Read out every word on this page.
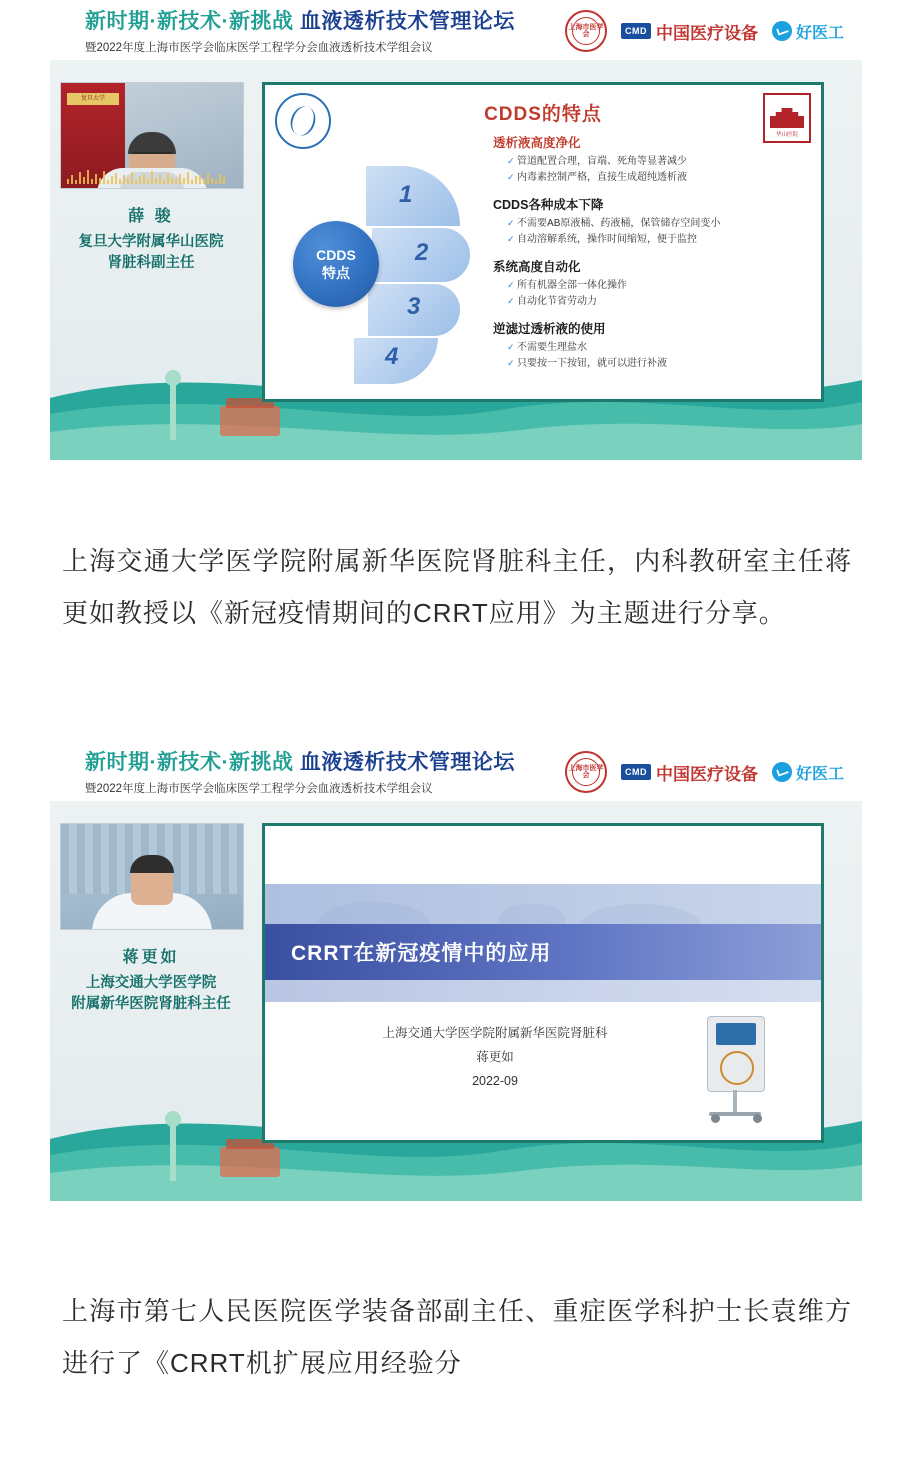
新时期·新技术·新挑战 血液透析技术管理论坛
暨2022年度上海市医学会临床医学工程学分会血液透析技术学组会议
上海市医学会	CMD 中国医疗设备 好医工
复旦大学
薛 骏
复旦大学附属华山医院
肾脏科副主任
华山医院
CDDS的特点
1
2
3
4
CDDS
特点
透析液高度净化
✓ 管道配置合理，盲端、死角等显著减少
✓ 内毒素控制严格，直接生成超纯透析液
CDDS各种成本下降
✓ 不需要AB原液桶、药液桶，保管储存空间变小
✓ 自动溶解系统，操作时间缩短，便于监控
系统高度自动化
✓ 所有机器全部一体化操作
✓ 自动化节省劳动力
逆滤过透析液的使用
✓ 不需要生理盐水
✓ 只要按一下按钮，就可以进行补液
上海交通大学医学院附属新华医院肾脏科主任，内科教研室主任蒋更如教授以《新冠疫情期间的CRRT应用》为主题进行分享。
新时期·新技术·新挑战 血液透析技术管理论坛
暨2022年度上海市医学会临床医学工程学分会血液透析技术学组会议
上海市医学会	CMD 中国医疗设备 好医工
蒋更如
上海交通大学医学院
附属新华医院肾脏科主任
CRRT在新冠疫情中的应用
上海交通大学医学院附属新华医院肾脏科
蒋更如
2022-09
上海市第七人民医院医学装备部副主任、重症医学科护士长袁维方进行了《CRRT机扩展应用经验分
